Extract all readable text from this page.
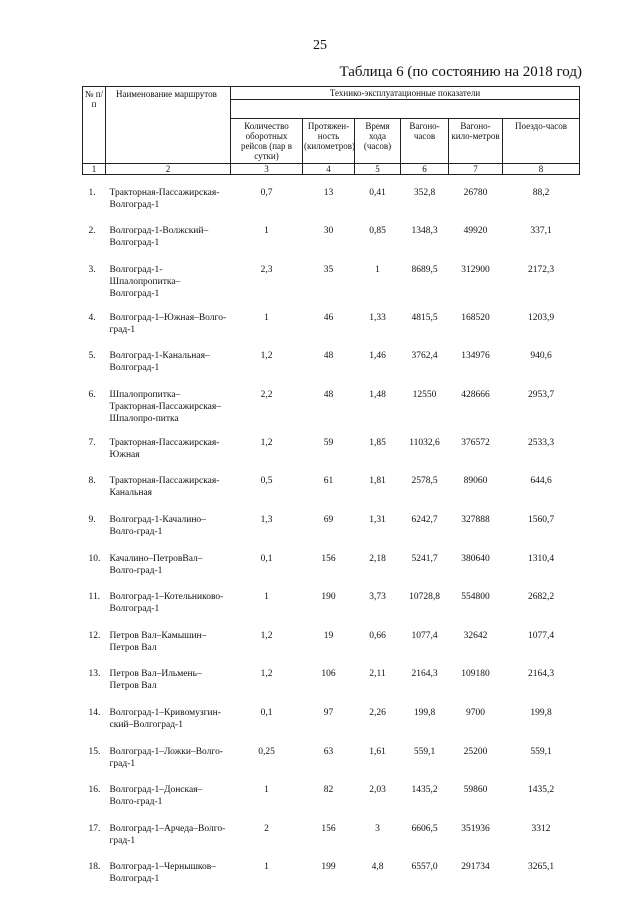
25
Таблица 6 (по состоянию на 2018 год)
№ п/п	Наименование маршрутов	Технико-эксплуатационные показатели					

		Количество оборотных рейсов (пар в сутки)	Протяжен-ность (километров)	Время хода (часов)	Вагоно-часов	Вагоно-кило-метров	Поездо-часов
1	2	3	4	5	6	7	8
1.	Тракторная-Пассажирская-Волгоград-1	0,7	13	0,41	352,8	26780	88,2
2.	Волгоград-1-Волжский–Волгоград-1	1	30	0,85	1348,3	49920	337,1
3.	Волгоград-1-Шпалопропитка–Волгоград-1	2,3	35	1	8689,5	312900	2172,3
4.	Волгоград-1–Южная–Волго-град-1	1	46	1,33	4815,5	168520	1203,9
5.	Волгоград-1-Канальная–Волгоград-1	1,2	48	1,46	3762,4	134976	940,6
6.	Шпалопропитка–Тракторная-Пассажирская–Шпалопро-питка	2,2	48	1,48	12550	428666	2953,7
7.	Тракторная-Пассажирская-Южная	1,2	59	1,85	11032,6	376572	2533,3
8.	Тракторная-Пассажирская-Канальная	0,5	61	1,81	2578,5	89060	644,6
9.	Волгоград-1-Качалино–Волго-град-1	1,3	69	1,31	6242,7	327888	1560,7
10.	Качалино–ПетровВал–Волго-град-1	0,1	156	2,18	5241,7	380640	1310,4
11.	Волгоград-1–Котельниково-Волгоград-1	1	190	3,73	10728,8	554800	2682,2
12.	Петров Вал–Камышин–Петров Вал	1,2	19	0,66	1077,4	32642	1077,4
13.	Петров Вал–Ильмень–Петров Вал	1,2	106	2,11	2164,3	109180	2164,3
14.	Волгоград-1–Кривомузгин-ский–Волгоград-1	0,1	97	2,26	199,8	9700	199,8
15.	Волгоград-1–Ложки–Волго-град-1	0,25	63	1,61	559,1	25200	559,1
16.	Волгоград-1–Донская–Волго-град-1	1	82	2,03	1435,2	59860	1435,2
17.	Волгоград-1–Арчеда–Волго-град-1	2	156	3	6606,5	351936	3312
18.	Волгоград-1–Чернышков–Волгоград-1	1	199	4,8	6557,0	291734	3265,1
